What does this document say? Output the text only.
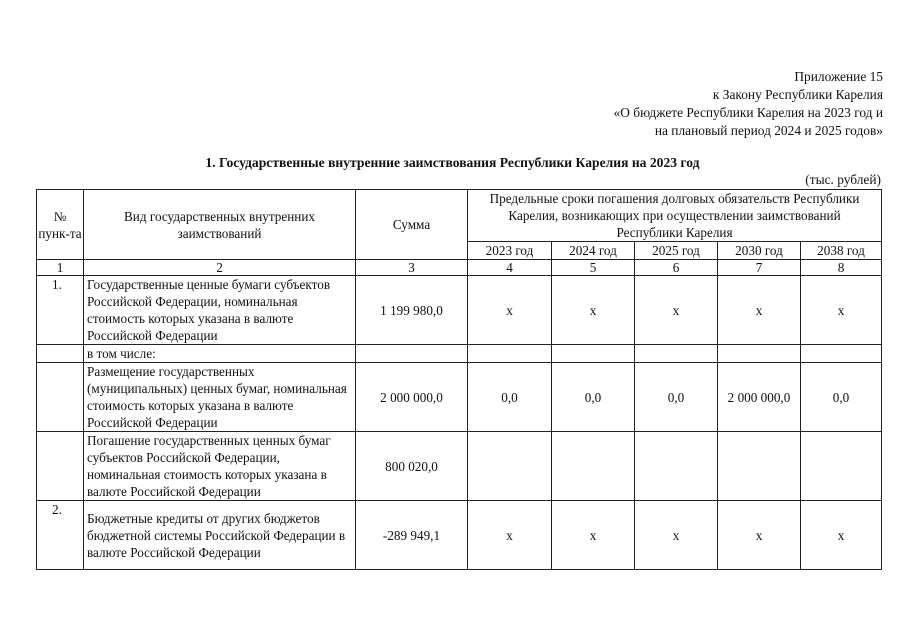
Приложение 15
к Закону Республики Карелия
«О бюджете Республики Карелия на 2023 год и
на плановый период 2024 и 2025 годов»
1. Государственные внутренние заимствования Республики Карелия на 2023 год
(тыс. рублей)
№ пунк-та	Вид государственных внутренних заимствований	Сумма	Предельные сроки погашения долговых обязательств Республики Карелия, возникающих при осуществлении заимствований Республики Карелия				
			2023 год	2024 год	2025 год	2030 год	2038 год
1	2	3	4	5	6	7	8
1.	Государственные ценные бумаги субъектов Российской Федерации, номинальная стоимость которых указана в валюте Российской Федерации	1 199 980,0	x	x	x	x	x
	в том числе:						
	Размещение государственных (муниципальных) ценных бумаг, номинальная стоимость которых указана в валюте Российской Федерации	2 000 000,0	0,0	0,0	0,0	2 000 000,0	0,0
	Погашение государственных ценных бумаг субъектов Российской Федерации, номинальная стоимость которых указана в валюте Российской Федерации	800 020,0					
2.	Бюджетные кредиты от других бюджетов бюджетной системы Российской Федерации в валюте Российской Федерации	-289 949,1	x	x	x	x	x
